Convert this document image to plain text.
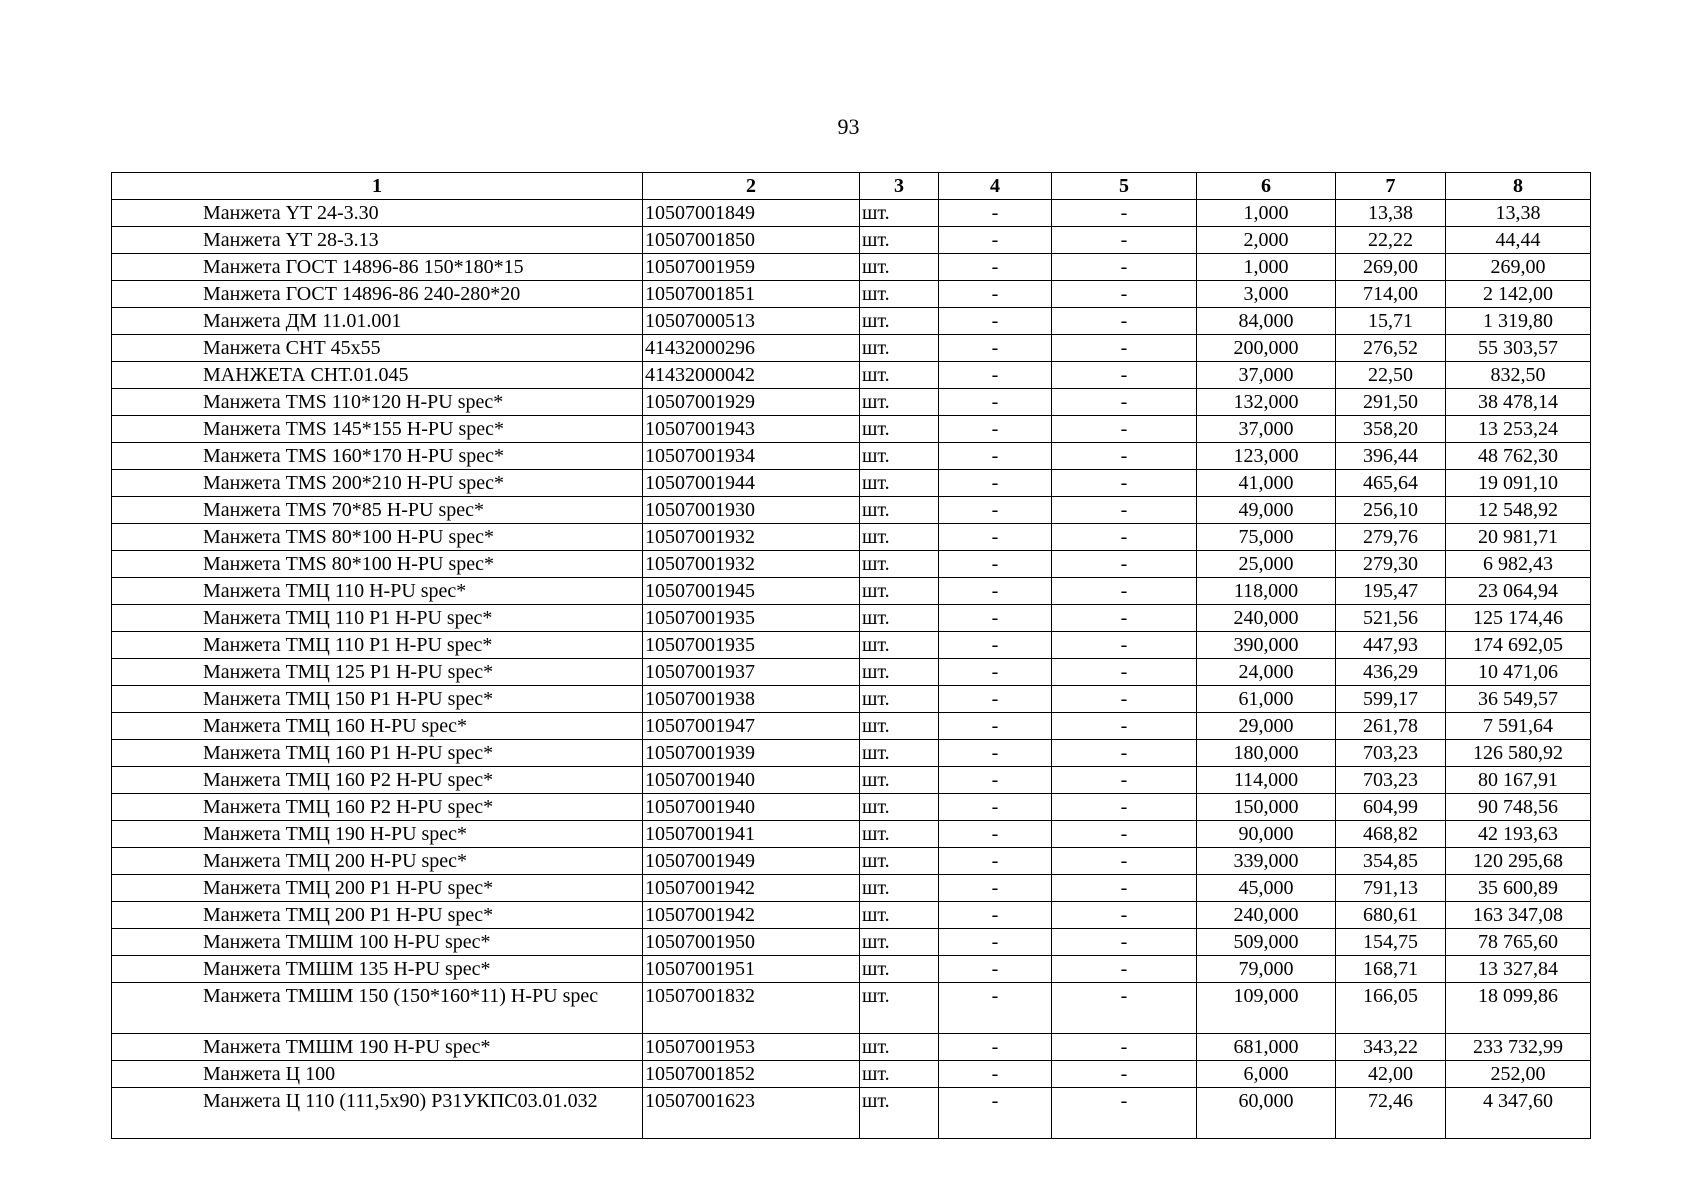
93
1	2	3	4	5	6	7	8
Манжета YT 24-3.30	10507001849	шт.	-	-	1,000	13,38	13,38
Манжета YT 28-3.13	10507001850	шт.	-	-	2,000	22,22	44,44
Манжета ГОСТ 14896-86 150*180*15	10507001959	шт.	-	-	1,000	269,00	269,00
Манжета ГОСТ 14896-86 240-280*20	10507001851	шт.	-	-	3,000	714,00	2 142,00
Манжета ДМ 11.01.001	10507000513	шт.	-	-	84,000	15,71	1 319,80
Манжета СНТ 45х55	41432000296	шт.	-	-	200,000	276,52	55 303,57
МАНЖЕТА СНТ.01.045	41432000042	шт.	-	-	37,000	22,50	832,50
Манжета TMS 110*120 H-PU spec*	10507001929	шт.	-	-	132,000	291,50	38 478,14
Манжета TMS 145*155 H-PU spec*	10507001943	шт.	-	-	37,000	358,20	13 253,24
Манжета TMS 160*170 H-PU spec*	10507001934	шт.	-	-	123,000	396,44	48 762,30
Манжета TMS 200*210 H-PU spec*	10507001944	шт.	-	-	41,000	465,64	19 091,10
Манжета TMS 70*85 H-PU spec*	10507001930	шт.	-	-	49,000	256,10	12 548,92
Манжета TMS 80*100 H-PU spec*	10507001932	шт.	-	-	75,000	279,76	20 981,71
Манжета TMS 80*100 H-PU spec*	10507001932	шт.	-	-	25,000	279,30	6 982,43
Манжета ТМЦ 110 H-PU spec*	10507001945	шт.	-	-	118,000	195,47	23 064,94
Манжета ТМЦ 110 Р1 H-PU spec*	10507001935	шт.	-	-	240,000	521,56	125 174,46
Манжета ТМЦ 110 Р1 H-PU spec*	10507001935	шт.	-	-	390,000	447,93	174 692,05
Манжета ТМЦ 125 Р1 H-PU spec*	10507001937	шт.	-	-	24,000	436,29	10 471,06
Манжета ТМЦ 150 Р1 H-PU spec*	10507001938	шт.	-	-	61,000	599,17	36 549,57
Манжета ТМЦ 160 H-PU spec*	10507001947	шт.	-	-	29,000	261,78	7 591,64
Манжета ТМЦ 160 Р1 H-PU spec*	10507001939	шт.	-	-	180,000	703,23	126 580,92
Манжета ТМЦ 160 Р2 H-PU spec*	10507001940	шт.	-	-	114,000	703,23	80 167,91
Манжета ТМЦ 160 Р2 H-PU spec*	10507001940	шт.	-	-	150,000	604,99	90 748,56
Манжета ТМЦ 190 H-PU spec*	10507001941	шт.	-	-	90,000	468,82	42 193,63
Манжета ТМЦ 200 H-PU spec*	10507001949	шт.	-	-	339,000	354,85	120 295,68
Манжета ТМЦ 200 Р1 H-PU spec*	10507001942	шт.	-	-	45,000	791,13	35 600,89
Манжета ТМЦ 200 Р1 H-PU spec*	10507001942	шт.	-	-	240,000	680,61	163 347,08
Манжета ТМШМ 100 H-PU spec*	10507001950	шт.	-	-	509,000	154,75	78 765,60
Манжета ТМШМ 135 H-PU spec*	10507001951	шт.	-	-	79,000	168,71	13 327,84
Манжета ТМШМ 150 (150*160*11) H-PU spec	10507001832	шт.	-	-	109,000	166,05	18 099,86
Манжета ТМШМ 190 H-PU spec*	10507001953	шт.	-	-	681,000	343,22	233 732,99
Манжета Ц 100	10507001852	шт.	-	-	6,000	42,00	252,00
Манжета Ц 110 (111,5х90) Р31УКПС03.01.032	10507001623	шт.	-	-	60,000	72,46	4 347,60
